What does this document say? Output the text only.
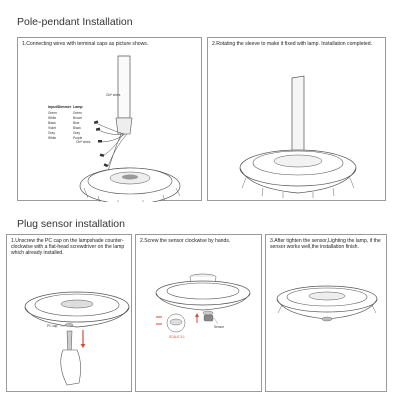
Pole-pendant Installation
1.Connecting wires with terminal caps as picture shows.
Input/Dimmer Lamp
Green	Green
White	Brown
Black	Blue
Violet	Black
Gray	Gray
White	Purple
Cbl* wires
Cbl* wires
2.Rotating the sleeve to make it fixed with lamp. Installation completed.
Plug sensor installation
1.Unscrew the PC cap on the lampshade counter-clockwise with a flat-head screwdriver on the lamp which already installed.
PC cap
2.Screw the sensor clockwise by hands.
Sensor
SCALE 3:1
3.After tighten the sensor,Lighting the lamp, if the sensor works well,the installation finish.
